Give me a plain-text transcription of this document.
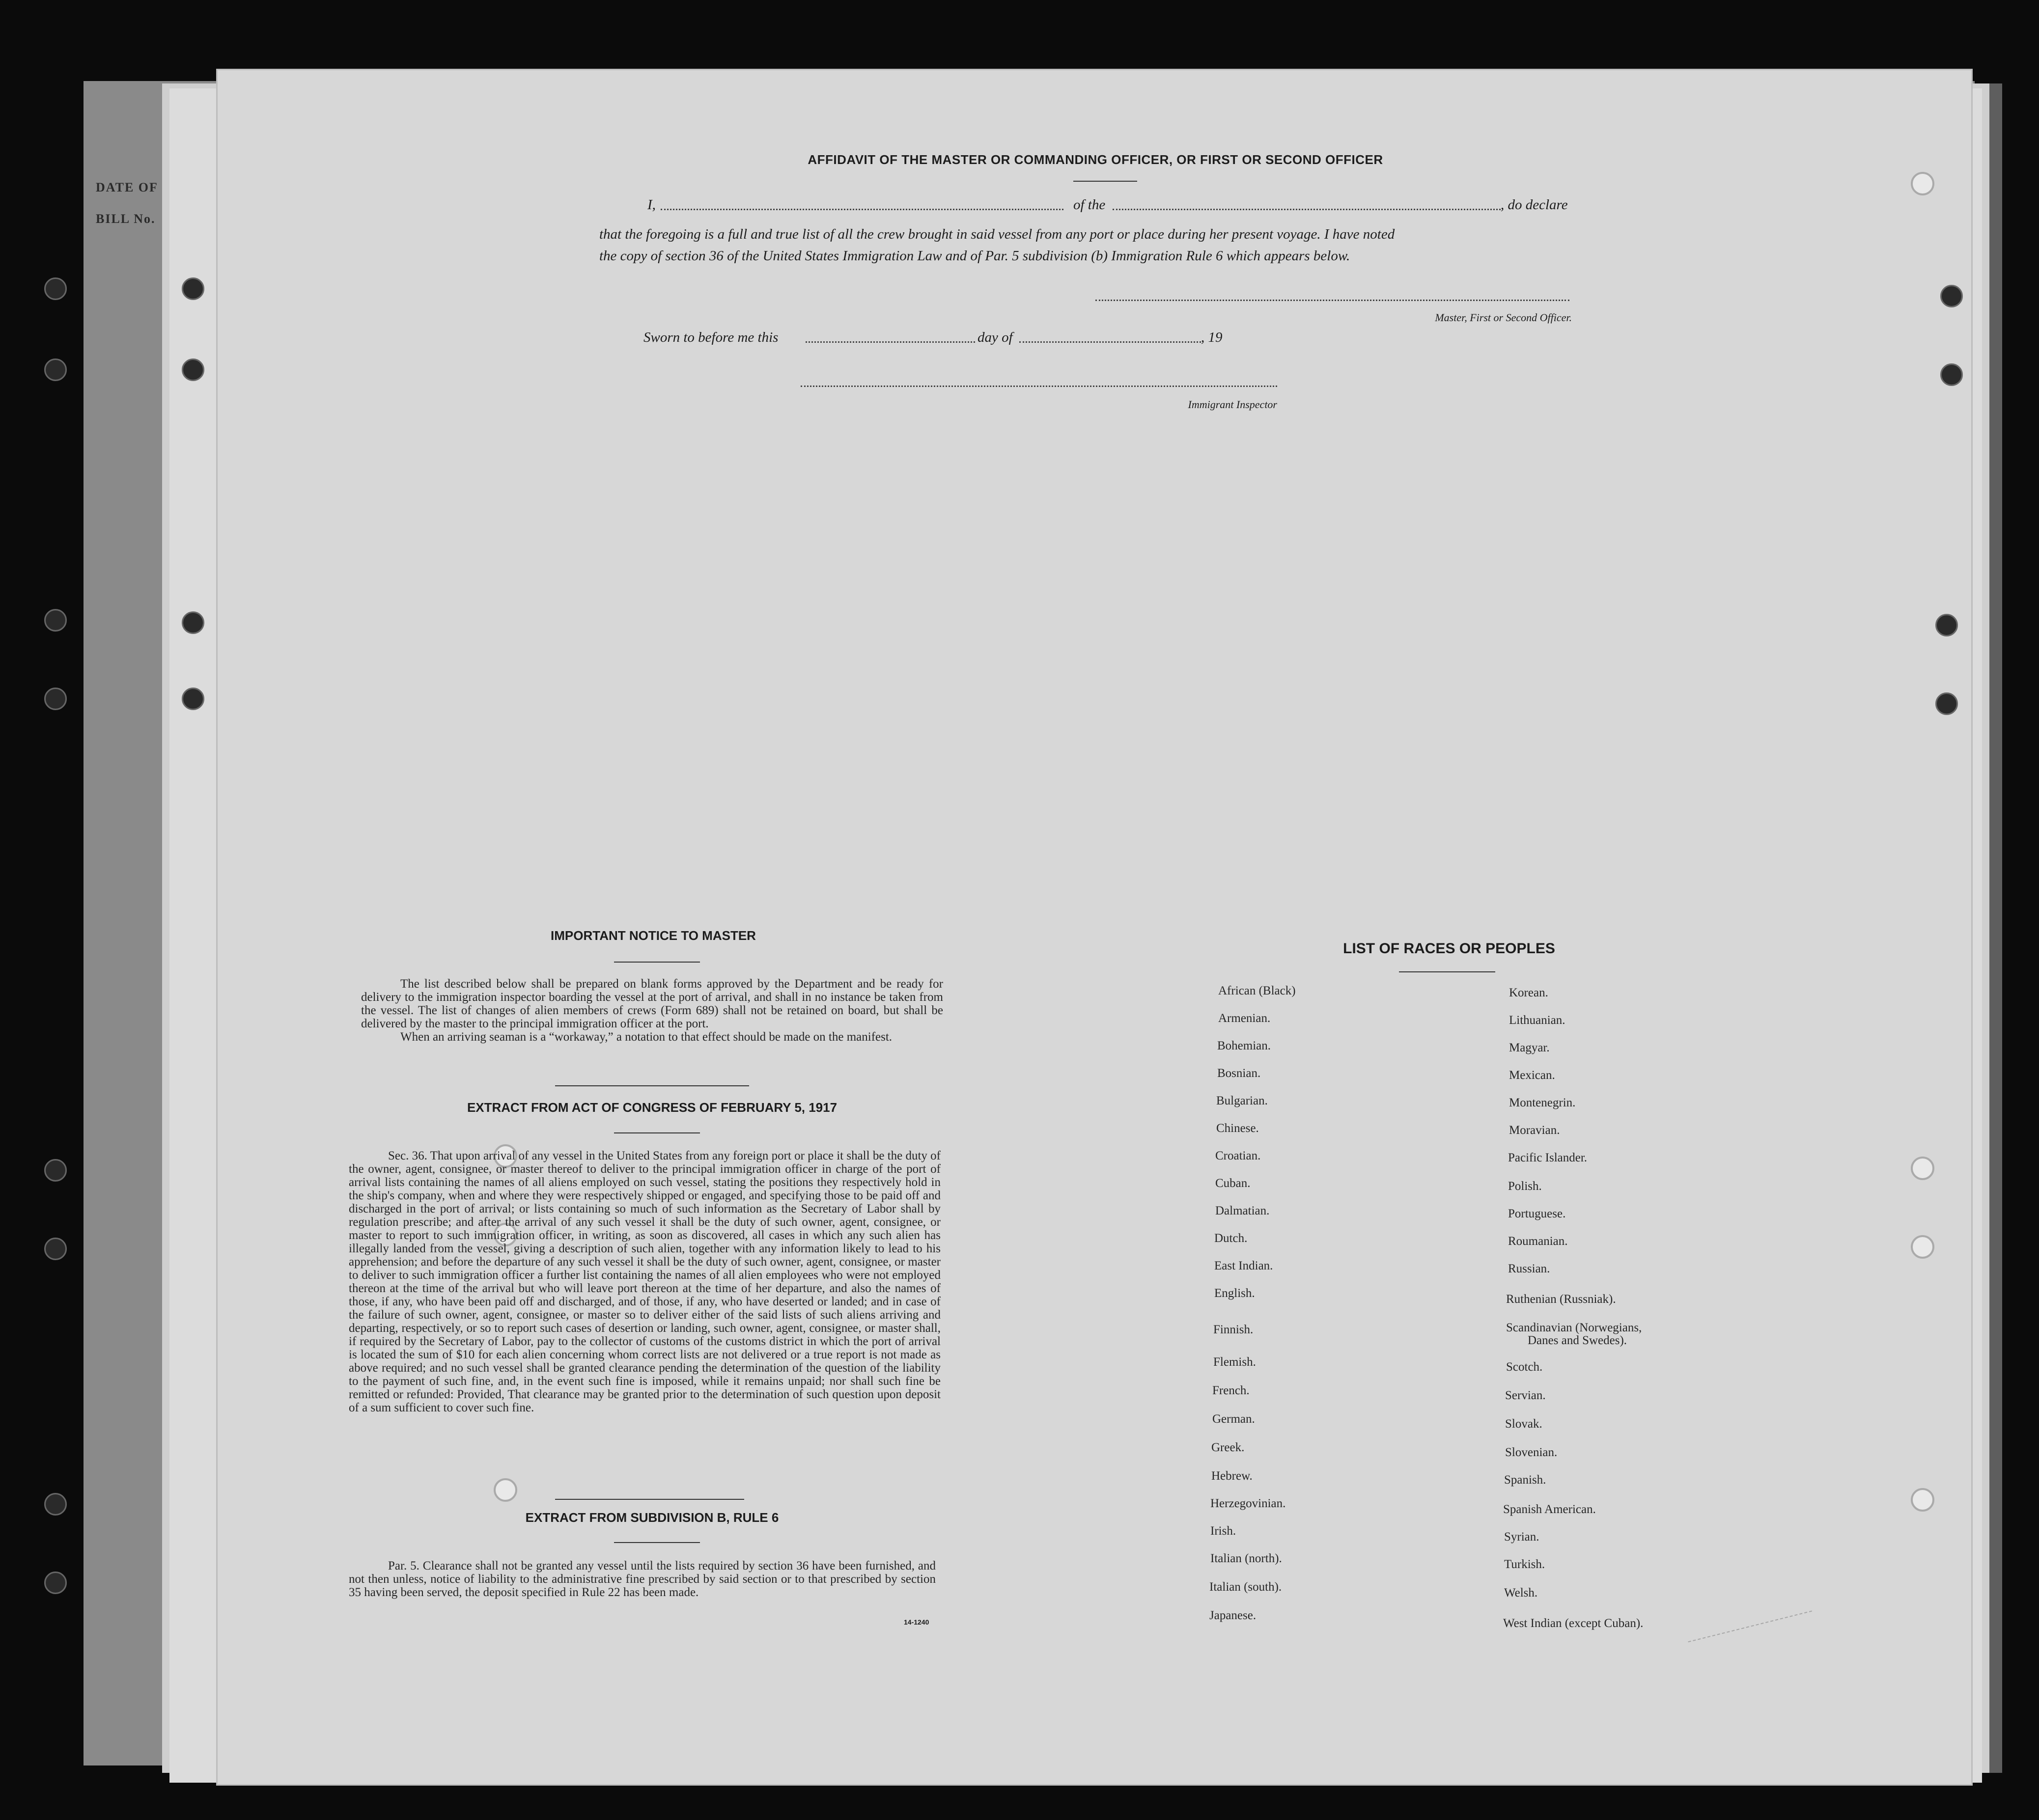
DATE OF
BILL No.
AFFIDAVIT OF THE MASTER OR COMMANDING OFFICER, OR FIRST OR SECOND OFFICER
I,	of the	, do declare
that the foregoing is a full and true list of all the crew brought in said vessel from any port or place during her present voyage. I have noted
the copy of section 36 of the United States Immigration Law and of Par. 5 subdivision (b) Immigration Rule 6 which appears below.
Master, First or Second Officer.
Sworn to before me this	day of	, 19
Immigrant Inspector
IMPORTANT NOTICE TO MASTER

The list described below shall be prepared on blank forms approved by the Department and be ready for delivery to the immigration inspector boarding the vessel at the port of arrival, and shall in no instance be taken from the vessel. The list of changes of alien members of crews (Form 689) shall not be retained on board, but shall be delivered by the master to the principal immigration officer at the port.

When an arriving seaman is a “workaway,” a notation to that effect should be made on the manifest.

EXTRACT FROM ACT OF CONGRESS OF FEBRUARY 5, 1917

Sec. 36. That upon arrival of any vessel in the United States from any foreign port or place it shall be the duty of the owner, agent, consignee, or master thereof to deliver to the principal immigration officer in charge of the port of arrival lists containing the names of all aliens employed on such vessel, stating the positions they respectively hold in the ship's company, when and where they were respectively shipped or engaged, and specifying those to be paid off and discharged in the port of arrival; or lists containing so much of such information as the Secretary of Labor shall by regulation prescribe; and after the arrival of any such vessel it shall be the duty of such owner, agent, consignee, or master to report to such immigration officer, in writing, as soon as discovered, all cases in which any such alien has illegally landed from the vessel, giving a description of such alien, together with any information likely to lead to his apprehension; and before the departure of any such vessel it shall be the duty of such owner, agent, consignee, or master to deliver to such immigration officer a further list containing the names of all alien employees who were not employed thereon at the time of the arrival but who will leave port thereon at the time of her departure, and also the names of those, if any, who have been paid off and discharged, and of those, if any, who have deserted or landed; and in case of the failure of such owner, agent, consignee, or master so to deliver either of the said lists of such aliens arriving and departing, respectively, or so to report such cases of desertion or landing, such owner, agent, consignee, or master shall, if required by the Secretary of Labor, pay to the collector of customs of the customs district in which the port of arrival is located the sum of $10 for each alien concerning whom correct lists are not delivered or a true report is not made as above required; and no such vessel shall be granted clearance pending the determination of the question of the liability to the payment of such fine, and, in the event such fine is imposed, while it remains unpaid; nor shall such fine be remitted or refunded: Provided, That clearance may be granted prior to the determination of such question upon deposit of a sum sufficient to cover such fine.

EXTRACT FROM SUBDIVISION B, RULE 6

Par. 5. Clearance shall not be granted any vessel until the lists required by section 36 have been furnished, and not then unless, notice of liability to the administrative fine prescribed by said section or to that prescribed by section 35 having been served, the deposit specified in Rule 22 has been made.

14-1240
LIST OF RACES OR PEOPLES
African (Black)
Armenian.
Bohemian.
Bosnian.
Bulgarian.
Chinese.
Croatian.
Cuban.
Dalmatian.
Dutch.
East Indian.
English.
Finnish.
Flemish.
French.
German.
Greek.
Hebrew.
Herzegovinian.
Irish.
Italian (north).
Italian (south).
Japanese.
Korean.
Lithuanian.
Magyar.
Mexican.
Montenegrin.
Moravian.
Pacific Islander.
Polish.
Portuguese.
Roumanian.
Russian.
Ruthenian (Russniak).
Scandinavian (Norwegians,
Danes and Swedes).
Scotch.
Servian.
Slovak.
Slovenian.
Spanish.
Spanish American.
Syrian.
Turkish.
Welsh.
West Indian (except Cuban).
